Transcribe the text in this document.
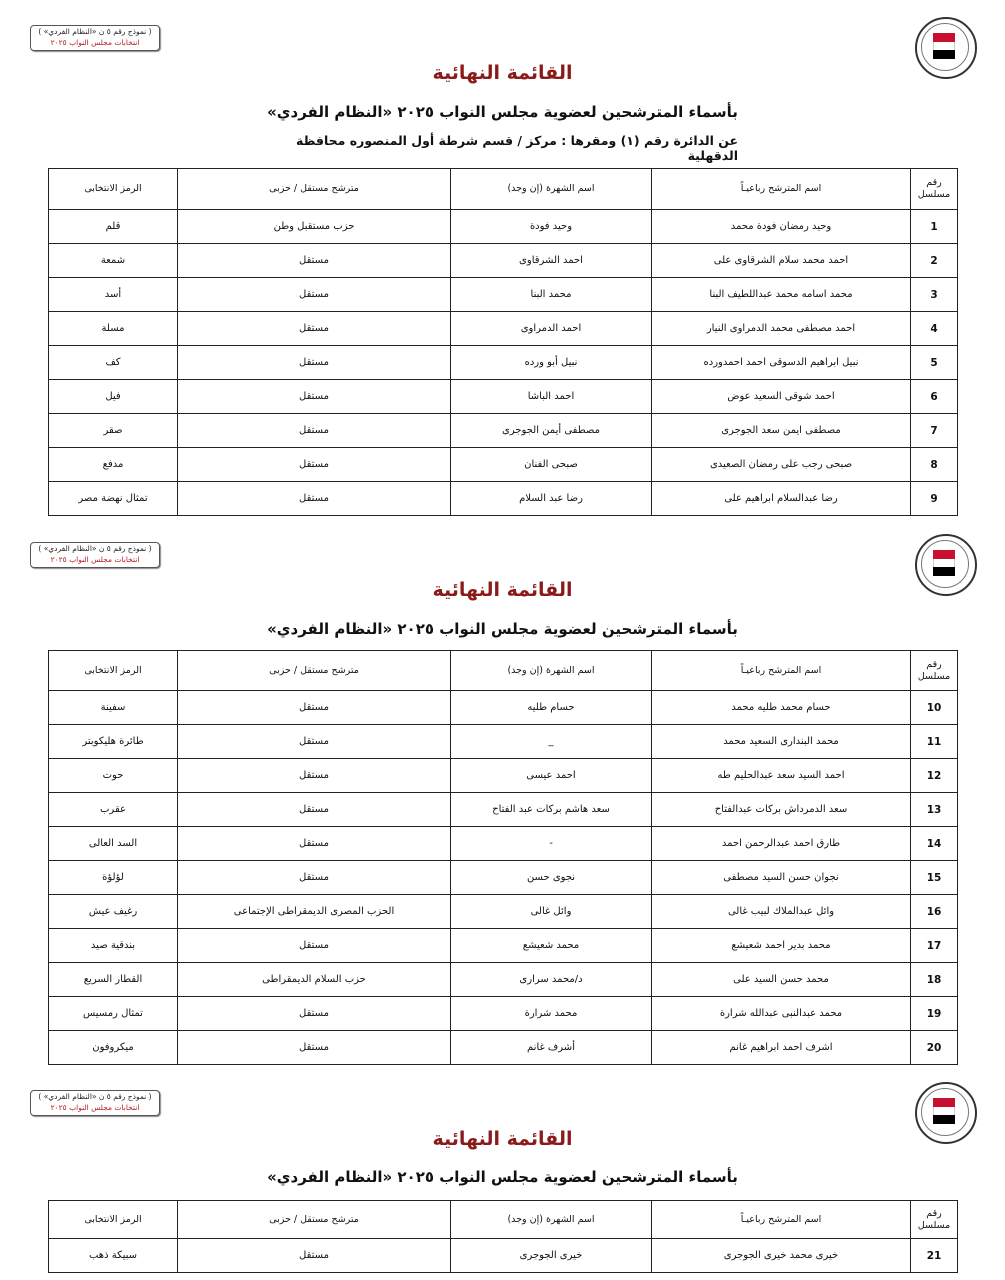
( نموذج رقم ٥ ن «النظام الفردي» )
انتخابات مجلس النواب ٢٠٢٥
القائمة النهائية
بأسماء المترشحين لعضوية مجلس النواب ٢٠٢٥ «النظام الفردي»
عن الدائرة رقم (١) ومقرها : مركز / قسم شرطة أول المنصوره محافظة الدقهلية
رقم مسلسل	اسم المترشح رباعيـاً	اسم الشهرة (إن وجد)	مترشح مستقل / حزبى	الرمز الانتخابى
1	وحيد رمضان فودة محمد	وحيد فودة	حزب مستقبل وطن	قلم
2	احمد محمد سلام الشرقاوى على	احمد الشرقاوى	مستقل	شمعة
3	محمد اسامه محمد عبداللطيف البنا	محمد البنا	مستقل	أسد
4	احمد مصطفى محمد الدمراوى النيار	احمد الدمراوى	مستقل	مسلة
5	نبيل ابراهيم الدسوقى احمد احمدورده	نبيل أبو ورده	مستقل	كف
6	احمد شوقى السعيد عوض	احمد الباشا	مستقل	فيل
7	مصطفى ايمن سعد الجوجرى	مصطفى أيمن الجوجرى	مستقل	صقر
8	صبحى رجب على رمضان الصعيدى	صبحى الفنان	مستقل	مدفع
9	رضا عبدالسلام ابراهيم على	رضا عبد السلام	مستقل	تمثال نهضة مصر
( نموذج رقم ٥ ن «النظام الفردي» )
انتخابات مجلس النواب ٢٠٢٥
القائمة النهائية
بأسماء المترشحين لعضوية مجلس النواب ٢٠٢٥ «النظام الفردي»
رقم مسلسل	اسم المترشح رباعيـاً	اسم الشهرة (إن وجد)	مترشح مستقل / حزبى	الرمز الانتخابى
10	حسام محمد طليه محمد	حسام طليه	مستقل	سفينة
11	محمد البندارى السعيد محمد	_	مستقل	طائرة هليكوبتر
12	احمد السيد سعد عبدالحليم طه	احمد عيسى	مستقل	حوت
13	سعد الدمرداش بركات عبدالفتاح	سعد هاشم بركات عبد الفتاح	مستقل	عقرب
14	طارق احمد عبدالرحمن احمد	-	مستقل	السد العالى
15	نجوان حسن السيد مصطفى	نجوى حسن	مستقل	لؤلؤة
16	وائل عبدالملاك لبيب غالى	وائل غالى	الحزب المصرى الديمقراطى الإجتماعى	رغيف عيش
17	محمد بدير احمد شعيشع	محمد شعيشع	مستقل	بندقية صيد
18	محمد حسن السيد على	د/محمد سرارى	حزب السلام الديمقراطى	القطار السريع
19	محمد عبدالنبى عبدالله شرارة	محمد شرارة	مستقل	تمثال رمسيس
20	اشرف احمد ابراهيم غانم	أشرف غانم	مستقل	ميكروفون
( نموذج رقم ٥ ن «النظام الفردي» )
انتخابات مجلس النواب ٢٠٢٥
القائمة النهائية
بأسماء المترشحين لعضوية مجلس النواب ٢٠٢٥ «النظام الفردي»
رقم مسلسل	اسم المترشح رباعيـاً	اسم الشهرة (إن وجد)	مترشح مستقل / حزبى	الرمز الانتخابى
21	خيرى محمد خيرى الجوجرى	خيرى الجوجرى	مستقل	سبيكة ذهب
